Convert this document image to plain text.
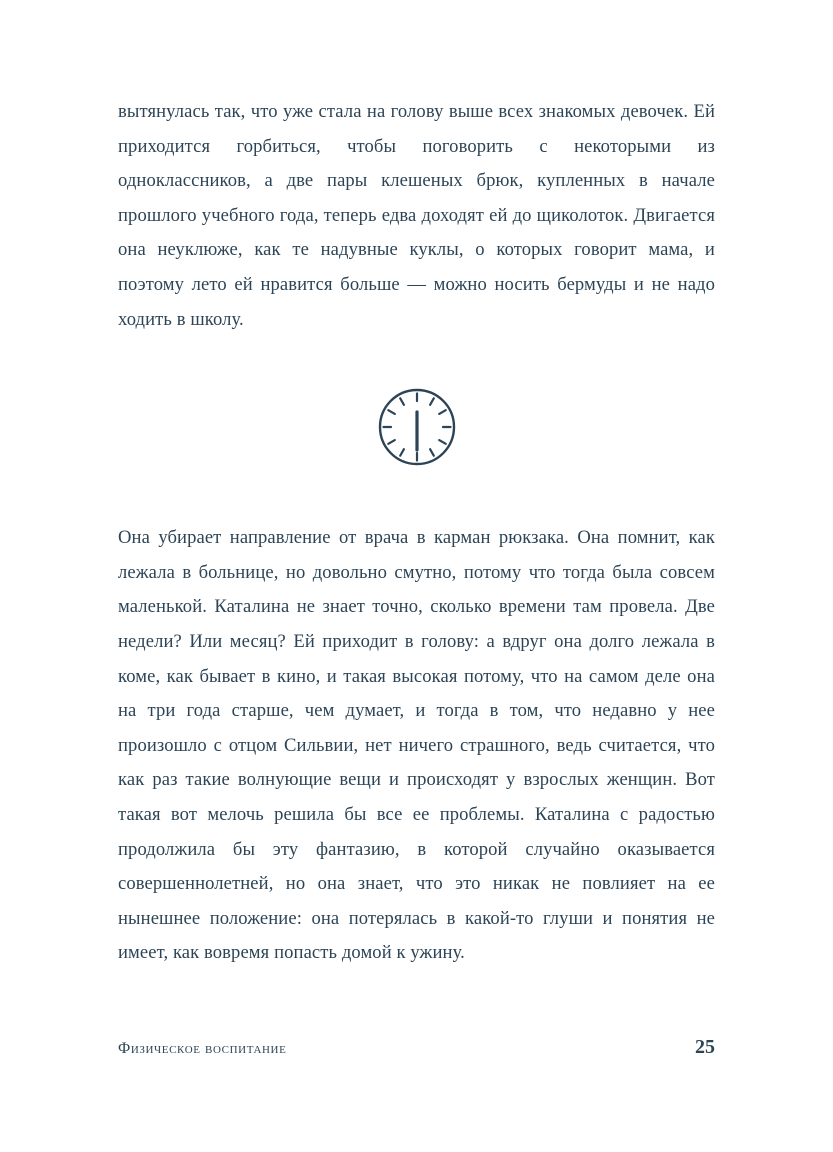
вытянулась так, что уже стала на голову выше всех знакомых девочек. Ей приходится горбиться, чтобы поговорить с некоторыми из одноклассников, а две пары клешеных брюк, купленных в начале прошлого учебного года, теперь едва доходят ей до щиколоток. Двигается она неуклюже, как те надувные куклы, о которых говорит мама, и поэтому лето ей нравится больше — можно носить бермуды и не надо ходить в школу.

Она убирает направление от врача в карман рюкзака. Она помнит, как лежала в больнице, но довольно смутно, потому что тогда была совсем маленькой. Каталина не знает точно, сколько времени там провела. Две недели? Или месяц? Ей приходит в голову: а вдруг она долго лежала в коме, как бывает в кино, и такая высокая потому, что на самом деле она на три года старше, чем думает, и тогда в том, что недавно у нее произошло с отцом Сильвии, нет ничего страшного, ведь считается, что как раз такие волнующие вещи и происходят у взрослых женщин. Вот такая вот мелочь решила бы все ее проблемы. Каталина с радостью продолжила бы эту фантазию, в которой случайно оказывается совершеннолетней, но она знает, что это никак не повлияет на ее нынешнее положение: она потерялась в какой-то глуши и понятия не имеет, как вовремя попасть домой к ужину.

Физическое воспитание	25
